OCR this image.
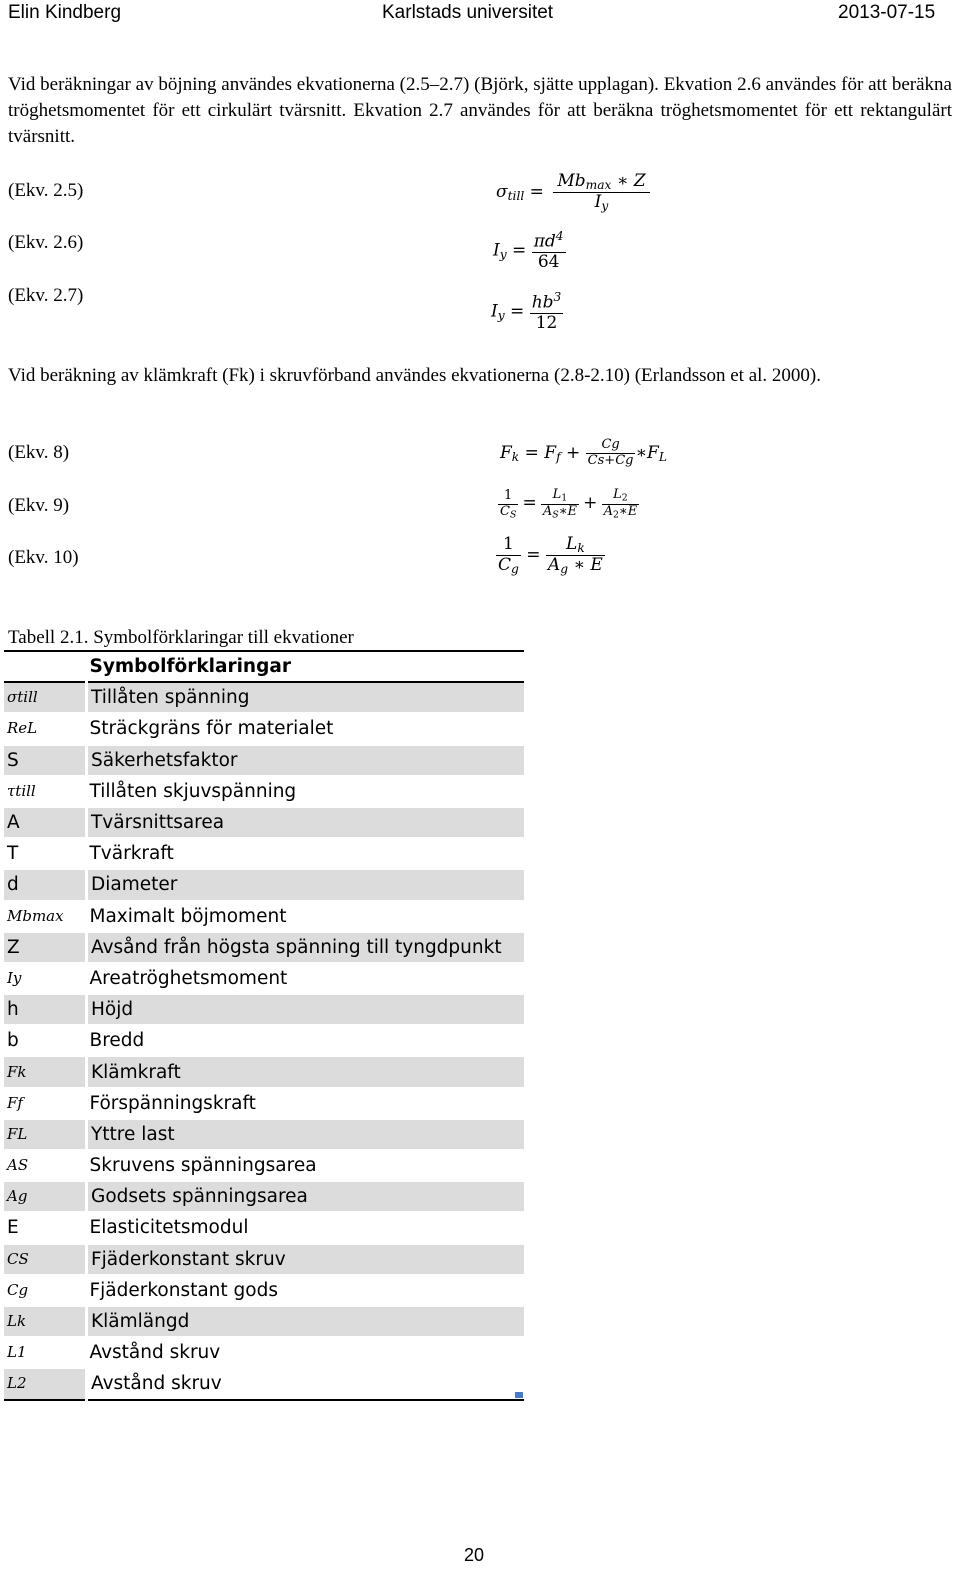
Elin Kindberg	Karlstads universitet	2013-07-15
Vid beräkningar av böjning användes ekvationerna (2.5–2.7) (Björk, sjätte upplagan). Ekvation 2.6 användes för att beräkna tröghetsmomentet för ett cirkulärt tvärsnitt. Ekvation 2.7 användes för att beräkna tröghetsmomentet för ett rektangulärt tvärsnitt.
(Ekv. 2.5)
(Ekv. 2.6)
(Ekv. 2.7)
$\sigma_{till} = \frac{Mb_{max} ∗ Z}{I_y}$
$I_y = \frac{\pi d^4}{64}$
$I_y = \frac{hb^3}{12}$
Vid beräkning av klämkraft (Fk) i skruvförband användes ekvationerna (2.8-2.10) (Erlandsson et al. 2000).
(Ekv. 8)
(Ekv. 9)
(Ekv. 10)
$F_k = F_f + \frac{Cg}{Cs+Cg}$ $∗F_L$
$\frac{1}{C_S} = \frac{L_1}{A_S∗E} + \frac{L_2}{A_2∗E}$
$\frac{1}{C_g} = \frac{L_k}{A_g ∗ E}$
Tabell 2.1. Symbolförklaringar till ekvationer
	Symbolförklaringar
σtill	Tillåten spänning
ReL	Sträckgräns för materialet
S	Säkerhetsfaktor
τtill	Tillåten skjuvspänning
A	Tvärsnittsarea
T	Tvärkraft
d	Diameter
Mbmax	Maximalt böjmoment
Z	Avsånd från högsta spänning till tyngdpunkt
Iy	Areatröghetsmoment
h	Höjd
b	Bredd
Fk	Klämkraft
Ff	Förspänningskraft
FL	Yttre last
AS	Skruvens spänningsarea
Ag	Godsets spänningsarea
E	Elasticitetsmodul
CS	Fjäderkonstant skruv
Cg	Fjäderkonstant gods
Lk	Klämlängd
L1	Avstånd skruv
L2	Avstånd skruv
20
